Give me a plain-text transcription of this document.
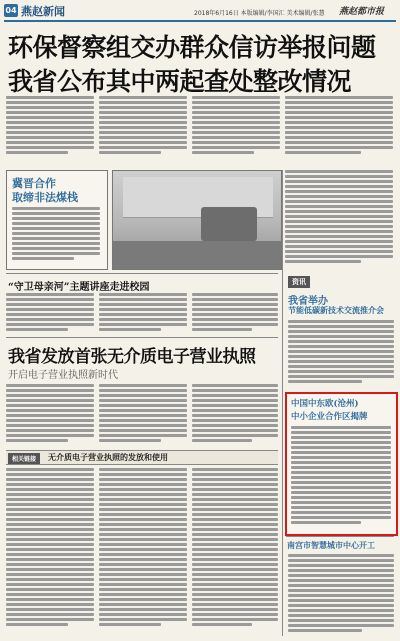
04 燕赵新闻	2018年6月16日 本版编辑/李国汇 美术编辑/张慧	燕赵都市报
环保督察组交办群众信访举报问题
我省公布其中两起查处整改情况
冀晋合作
取缔非法煤栈
“守卫母亲河”主题讲座走进校园
我省发放首张无介质电子营业执照
开启电子营业执照新时代
相关链接	无介质电子营业执照的发放和使用
资讯
我省举办
节能低碳新技术交流推介会
中国中东欧(沧州)
中小企业合作区揭牌
南宫市智慧城市中心开工
